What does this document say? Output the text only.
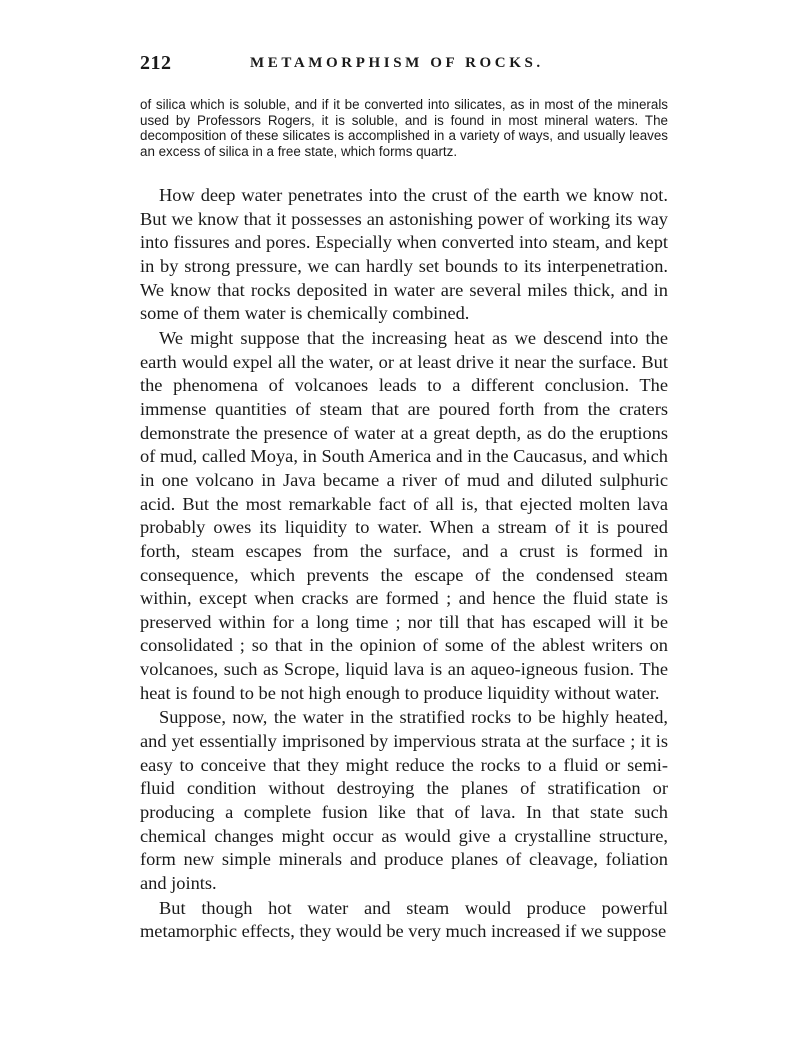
212	METAMORPHISM OF ROCKS.

of silica which is soluble, and if it be converted into silicates, as in most of the minerals used by Professors Rogers, it is soluble, and is found in most mineral waters. The decomposition of these silicates is accomplished in a variety of ways, and usually leaves an excess of silica in a free state, which forms quartz.

How deep water penetrates into the crust of the earth we know not. But we know that it possesses an astonishing power of working its way into fissures and pores. Especially when converted into steam, and kept in by strong pressure, we can hardly set bounds to its interpenetration. We know that rocks deposited in water are several miles thick, and in some of them water is chemically combined.

We might suppose that the increasing heat as we descend into the earth would expel all the water, or at least drive it near the surface. But the phenomena of volcanoes leads to a different conclusion. The immense quantities of steam that are poured forth from the craters demonstrate the presence of water at a great depth, as do the eruptions of mud, called Moya, in South America and in the Caucasus, and which in one volcano in Java became a river of mud and diluted sulphuric acid. But the most remarkable fact of all is, that ejected molten lava probably owes its liquidity to water. When a stream of it is poured forth, steam escapes from the surface, and a crust is formed in consequence, which prevents the escape of the condensed steam within, except when cracks are formed ; and hence the fluid state is preserved within for a long time ; nor till that has escaped will it be consolidated ; so that in the opinion of some of the ablest writers on volcanoes, such as Scrope, liquid lava is an aqueo-igneous fusion. The heat is found to be not high enough to produce liquidity without water.

Suppose, now, the water in the stratified rocks to be highly heated, and yet essentially imprisoned by impervious strata at the surface ; it is easy to conceive that they might reduce the rocks to a fluid or semi-fluid condition without destroying the planes of stratification or producing a complete fusion like that of lava. In that state such chemical changes might occur as would give a crystalline structure, form new simple minerals and produce planes of cleavage, foliation and joints.

But though hot water and steam would produce powerful metamorphic effects, they would be very much increased if we suppose
